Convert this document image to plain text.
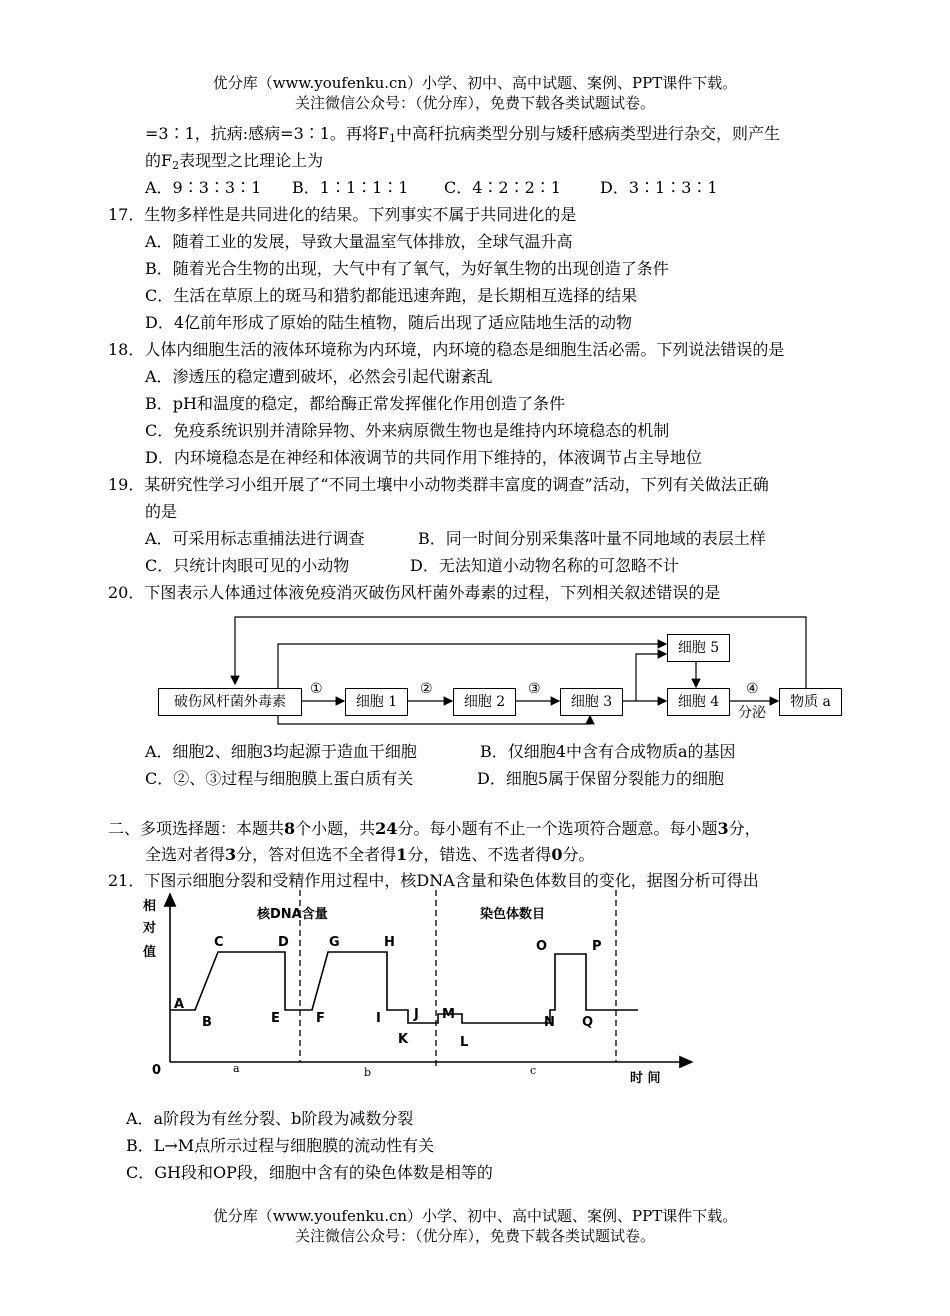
优分库（www.youfenku.cn）小学、初中、高中试题、案例、PPT课件下载。
关注微信公众号：（优分库），免费下载各类试题试卷。
=3∶1，抗病:感病=3∶1。再将$F_1$中高秆抗病类型分别与矮秆感病类型进行杂交，则产生
的$F_2$表现型之比理论上为
A．9∶3∶3∶1 B．1∶1∶1∶1 C．4∶2∶2∶1 D．3∶1∶3∶1
17．生物多样性是共同进化的结果。下列事实不属于共同进化的是
A．随着工业的发展，导致大量温室气体排放，全球气温升高
B．随着光合生物的出现，大气中有了氧气，为好氧生物的出现创造了条件
C．生活在草原上的斑马和猎豹都能迅速奔跑，是长期相互选择的结果
D．4亿前年形成了原始的陆生植物，随后出现了适应陆地生活的动物
18．人体内细胞生活的液体环境称为内环境，内环境的稳态是细胞生活必需。下列说法错误的是
A．渗透压的稳定遭到破坏，必然会引起代谢紊乱
B．pH和温度的稳定，都给酶正常发挥催化作用创造了条件
C．免疫系统识别并清除异物、外来病原微生物也是维持内环境稳态的机制
D．内环境稳态是在神经和体液调节的共同作用下维持的，体液调节占主导地位
19．某研究性学习小组开展了“不同土壤中小动物类群丰富度的调查”活动，下列有关做法正确
的是
A．可采用标志重捕法进行调查	B．同一时间分别采集落叶量不同地域的表层土样
C．只统计肉眼可见的小动物	D．无法知道小动物名称的可忽略不计
20．下图表示人体通过体液免疫消灭破伤风杆菌外毒素的过程，下列相关叙述错误的是
破伤风杆菌外毒素	细胞 1	细胞 2	细胞 3	细胞 4
细胞 5
物质 a
①	②	③	④
分泌
A．细胞2、细胞3均起源于造血干细胞	B．仅细胞4中含有合成物质a的基因
C．②、③过程与细胞膜上蛋白质有关	D．细胞5属于保留分裂能力的细胞
二、多项选择题：本题共8个小题，共24分。每小题有不止一个选项符合题意。每小题3分，
全选对者得3分，答对但选不全者得1分，错选、不选者得0分。
21．下图示细胞分裂和受精作用过程中，核DNA含量和染色体数目的变化，据图分析可得出
相
对
值
0
时 间
核DNA含量	染色体数目
A
B
C	D
E	F
G	H
I	J
K
M
L
N
O	P
Q
a	b	c
A．a阶段为有丝分裂、b阶段为减数分裂
B．L→M点所示过程与细胞膜的流动性有关
C．GH段和OP段，细胞中含有的染色体数是相等的
优分库（www.youfenku.cn）小学、初中、高中试题、案例、PPT课件下载。
关注微信公众号：（优分库），免费下载各类试题试卷。
